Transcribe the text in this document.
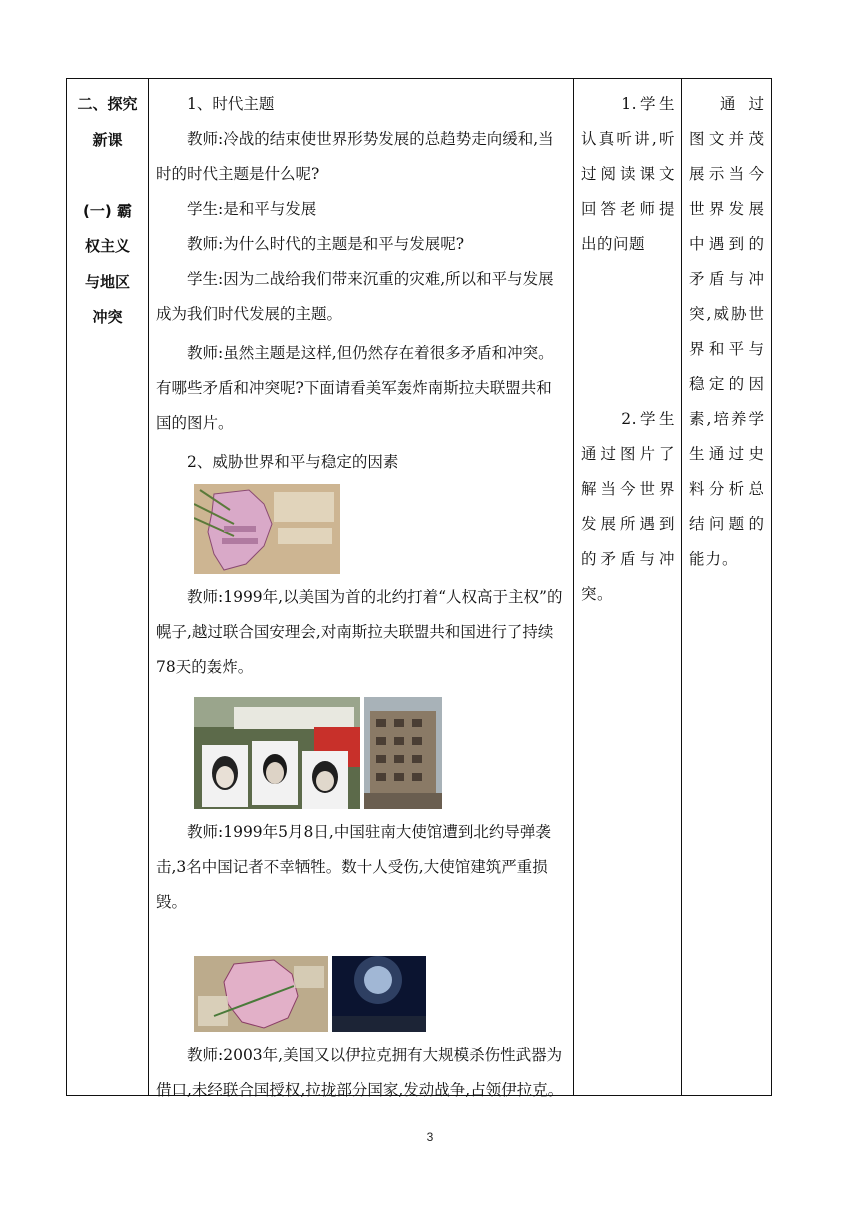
二、探究

新课

(一) 霸

权主义

与地区

冲突

1、时代主题

教师:冷战的结束使世界形势发展的总趋势走向缓和,当时的时代主题是什么呢?

学生:是和平与发展

教师:为什么时代的主题是和平与发展呢?

学生:因为二战给我们带来沉重的灾难,所以和平与发展成为我们时代发展的主题。

教师:虽然主题是这样,但仍然存在着很多矛盾和冲突。有哪些矛盾和冲突呢?下面请看美军轰炸南斯拉夫联盟共和国的图片。

2、威胁世界和平与稳定的因素

教师:1999年,以美国为首的北约打着“人权高于主权”的幌子,越过联合国安理会,对南斯拉夫联盟共和国进行了持续78天的轰炸。

教师:1999年5月8日,中国驻南大使馆遭到北约导弹袭击,3名中国记者不幸牺牲。数十人受伤,大使馆建筑严重损毁。

教师:2003年,美国又以伊拉克拥有大规模杀伤性武器为借口,未经联合国授权,拉拢部分国家,发动战争,占领伊拉克。

1.学生认真听讲,听过阅读课文回答老师提出的问题

2.学生通过图片了解当今世界发展所遇到的矛盾与冲突。

通过图文并茂展示当今世界发展中遇到的矛盾与冲突,威胁世界和平与稳定的因素,培养学生通过史料分析总结问题的能力。

3
